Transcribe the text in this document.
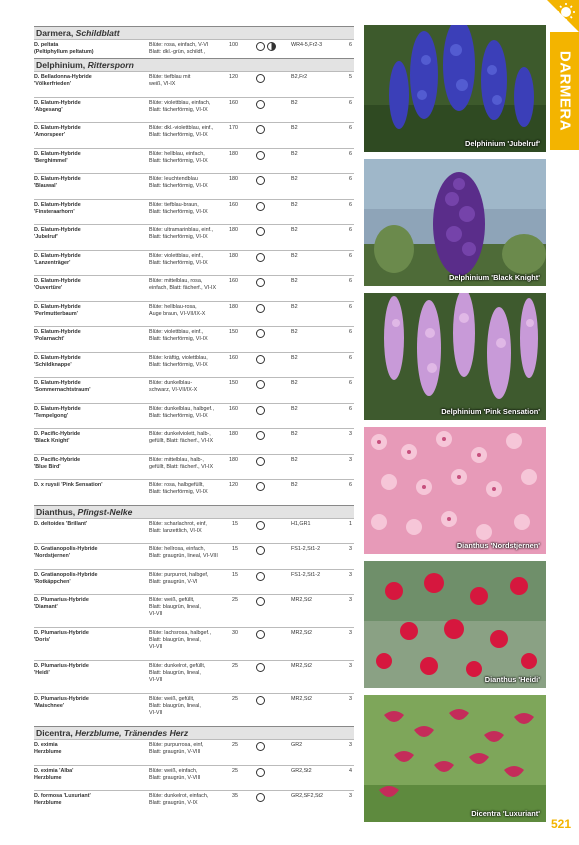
DARMERA
Darmera, Schildblatt
D. peltata
(Peltiphyllum peltatum)
Blüte: rosa, einfach, V-VI
Blatt: dkl.-grün, schildf.,
100	WR4-5,Fr2-3	6
Delphinium, Rittersporn
D. Belladonna-Hybride
'Völkerfrieden'
Blüte: tiefblau mit
weiß, VI-IX
120	B2,Fr2	5
D. Elatum-Hybride
'Abgesang'
Blüte: violettblau, einfach,
Blatt: fächerförmig, VI-IX
160	B2	6
D. Elatum-Hybride
'Amorspeer'
Blüte: dkl.-violettblau, einf.,
Blatt: fächerförmig, VI-IX
170	B2	6
D. Elatum-Hybride
'Berghimmel'
Blüte: hellblau, einfach,
Blatt: fächerförmig, VI-IX
180	B2	6
D. Elatum-Hybride
'Blauwal'
Blüte: leuchtendblau
Blatt: fächerförmig, VI-IX
180	B2	6
D. Elatum-Hybride
'Finsteraarhorn'
Blüte: tiefblau-braun,
Blatt: fächerförmig, VI-IX
160	B2	6
D. Elatum-Hybride
'Jubelruf'
Blüte: ultramarinblau, einf.,
Blatt: fächerförmig, VI-IX
180	B2	6
D. Elatum-Hybride
'Lanzenträger'
Blüte: violettblau, einf.,
Blatt: fächerförmig, VI-IX
180	B2	6
D. Elatum-Hybride
'Ouvertüre'
Blüte: mittelblau, rosa,
einfach, Blatt: fächerf., VI-IX
160	B2	6
D. Elatum-Hybride
'Perlmutterbaum'
Blüte: hellblau-rosa,
Auge braun, VI-VII/IX-X
180	B2	6
D. Elatum-Hybride
'Polarnacht'
Blüte: violettblau, einf.,
Blatt: fächerförmig, VI-IX
150	B2	6
D. Elatum-Hybride
'Schildknappe'
Blüte: kräftig, violettblau,
Blatt: fächerförmig, VI-IX
160	B2	6
D. Elatum-Hybride
'Sommernachtstraum'
Blüte: dunkelblau-
schwarz, VI-VII/IX-X
150	B2	6
D. Elatum-Hybride
'Tempelgong'
Blüte: dunkelblau, halbgef.,
Blatt: fächerförmig, VI-IX
160	B2	6
D. Pacific-Hybride
'Black Knight'
Blüte: dunkelviolett, halb-,
gefüllt, Blatt: fächerf., VI-IX
180	B2	3
D. Pacific-Hybride
'Blue Bird'
Blüte: mittelblau, halb-,
gefüllt, Blatt: fächerf., VI-IX
180	B2	3
D. x ruysii 'Pink Sensation'	Blüte: rosa, halbgefüllt,
Blatt: fächerförmig, VI-IX
120	B2	6
Dianthus, Pfingst-Nelke
D. deltoides 'Brillant'	Blüte: scharlachrot, einf,
Blatt: lanzettlich, VI-IX
15	H1,GR1	1
D. Gratianopolis-Hybride
'Nordstjernen'
Blüte: hellrosa, einfach,
Blatt: graugrün, lineal, VI-VIII
15	FS1-2,St1-2	3
D. Gratianopolis-Hybride
'Rotkäppchen'
Blüte: purpurrot, halbgef,
Blatt: graugrün, V-VI
15	FS1-2,St1-2	3
D. Plumarius-Hybride
'Diamant'
Blüte: weiß, gefüllt,
Blatt: blaugrün, lineal,
VI-VII
25	MR2,St2	3
D. Plumarius-Hybride
'Doris'
Blüte: lachsrosa, halbgef.,
Blatt: blaugrün, lineal,
VI-VII
30	MR2,St2	3
D. Plumarius-Hybride
'Heidi'
Blüte: dunkelrot, gefüllt,
Blatt: blaugrün, lineal,
VI-VII
25	MR2,St2	3
D. Plumarius-Hybride
'Maischnee'
Blüte: weiß, gefüllt,
Blatt: blaugrün, lineal,
VI-VII
25	MR2,St2	3
Dicentra, Herzblume, Tränendes Herz
D. eximia
Herzblume
Blüte: purpurrosa, einf,
Blatt: graugrün, V-VIII
25	GR2	3
D. eximia 'Alba'
Herzblume
Blüte: weiß, einfach,
Blatt: graugrün, V-VIII
25	GR2,St2	4
D. formosa 'Luxuriant'
Herzblume
Blüte: dunkelrot, einfach,
Blatt: graugrün, V-IX
35	GR2,SF2,St2	3
Delphinium 'Jubelruf'
Delphinium 'Black Knight'
Delphinium 'Pink Sensation'
Dianthus 'Nordstjernen'
Dianthus 'Heidi'
Dicentra 'Luxuriant'
521
